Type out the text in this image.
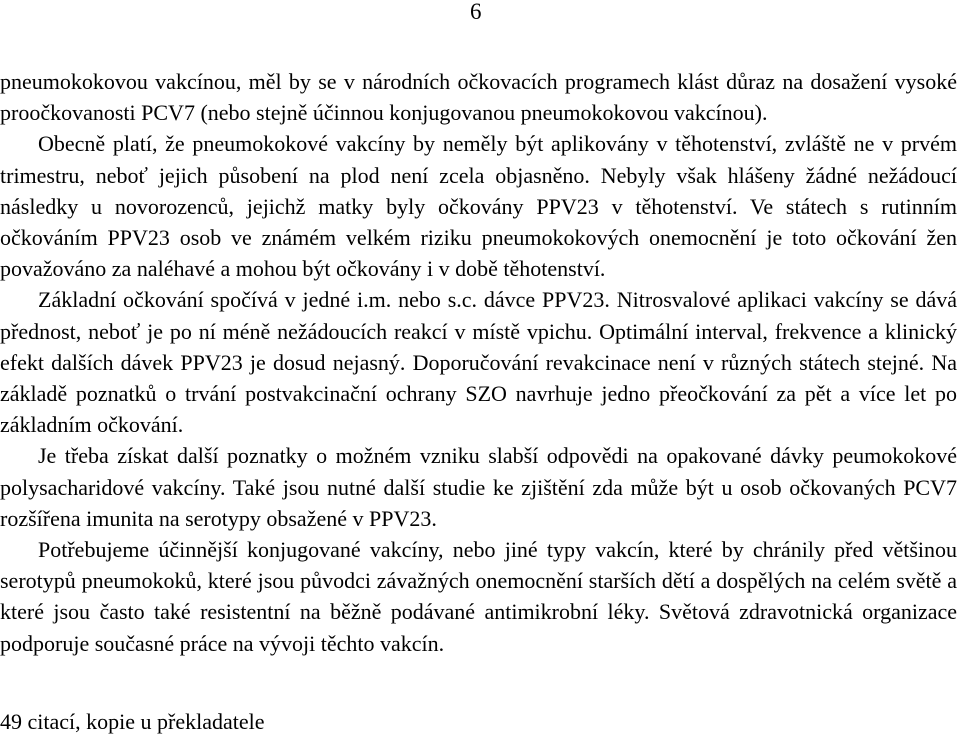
6

pneumokokovou vakcínou, měl by se v národních očkovacích programech klást důraz na dosažení vysoké proočkovanosti PCV7 (nebo stejně účinnou konjugovanou pneumokokovou vakcínou).

Obecně platí, že pneumokokové vakcíny by neměly být aplikovány v těhotenství, zvláště ne v prvém trimestru, neboť jejich působení na plod není zcela objasněno. Nebyly však hlášeny žádné nežádoucí následky u novorozenců, jejichž matky byly očkovány PPV23 v těhotenství. Ve státech s rutinním očkováním PPV23 osob ve známém velkém riziku pneumokokových onemocnění je toto očkování žen považováno za naléhavé a mohou být očkovány i v době těhotenství.

Základní očkování spočívá v jedné i.m. nebo s.c. dávce PPV23. Nitrosvalové aplikaci vakcíny se dává přednost, neboť je po ní méně nežádoucích reakcí v místě vpichu. Optimální interval, frekvence a klinický efekt dalších dávek PPV23 je dosud nejasný. Doporučování revakcinace není v různých státech stejné. Na základě poznatků o trvání postvakcinační ochrany SZO navrhuje jedno přeočkování za pět a více let po základním očkování.

Je třeba získat další poznatky o možném vzniku slabší odpovědi na opakované dávky peumokokové polysacharidové vakcíny. Také jsou nutné další studie ke zjištění zda může být u osob očkovaných PCV7 rozšířena imunita na serotypy obsažené v PPV23.

Potřebujeme účinnější konjugované vakcíny, nebo jiné typy vakcín, které by chránily před většinou serotypů pneumokoků, které jsou původci závažných onemocnění starších dětí a dospělých na celém světě a které jsou často také resistentní na běžně podávané antimikrobní léky. Světová zdravotnická organizace podporuje současné práce na vývoji těchto vakcín.

49 citací, kopie u překladatele
